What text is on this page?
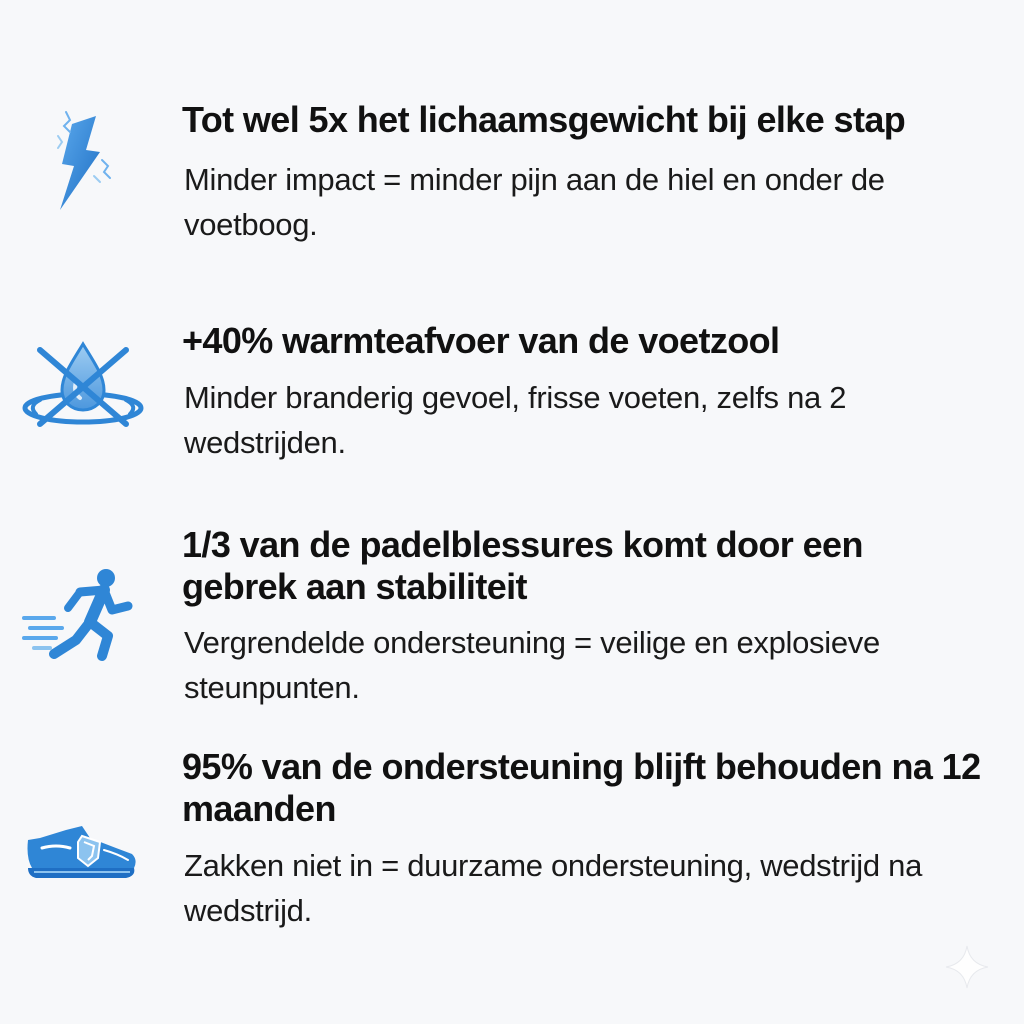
Tot wel 5x het lichaamsgewicht bij elke stap

Minder impact = minder pijn aan de hiel en onder de voetboog.

+40% warmteafvoer van de voetzool

Minder branderig gevoel, frisse voeten, zelfs na 2 wedstrijden.

1/3 van de padelblessures komt door een gebrek aan stabiliteit

Vergrendelde ondersteuning = veilige en explosieve steunpunten.

95% van de ondersteuning blijft behouden na 12 maanden

Zakken niet in = duurzame ondersteuning, wedstrijd na wedstrijd.
